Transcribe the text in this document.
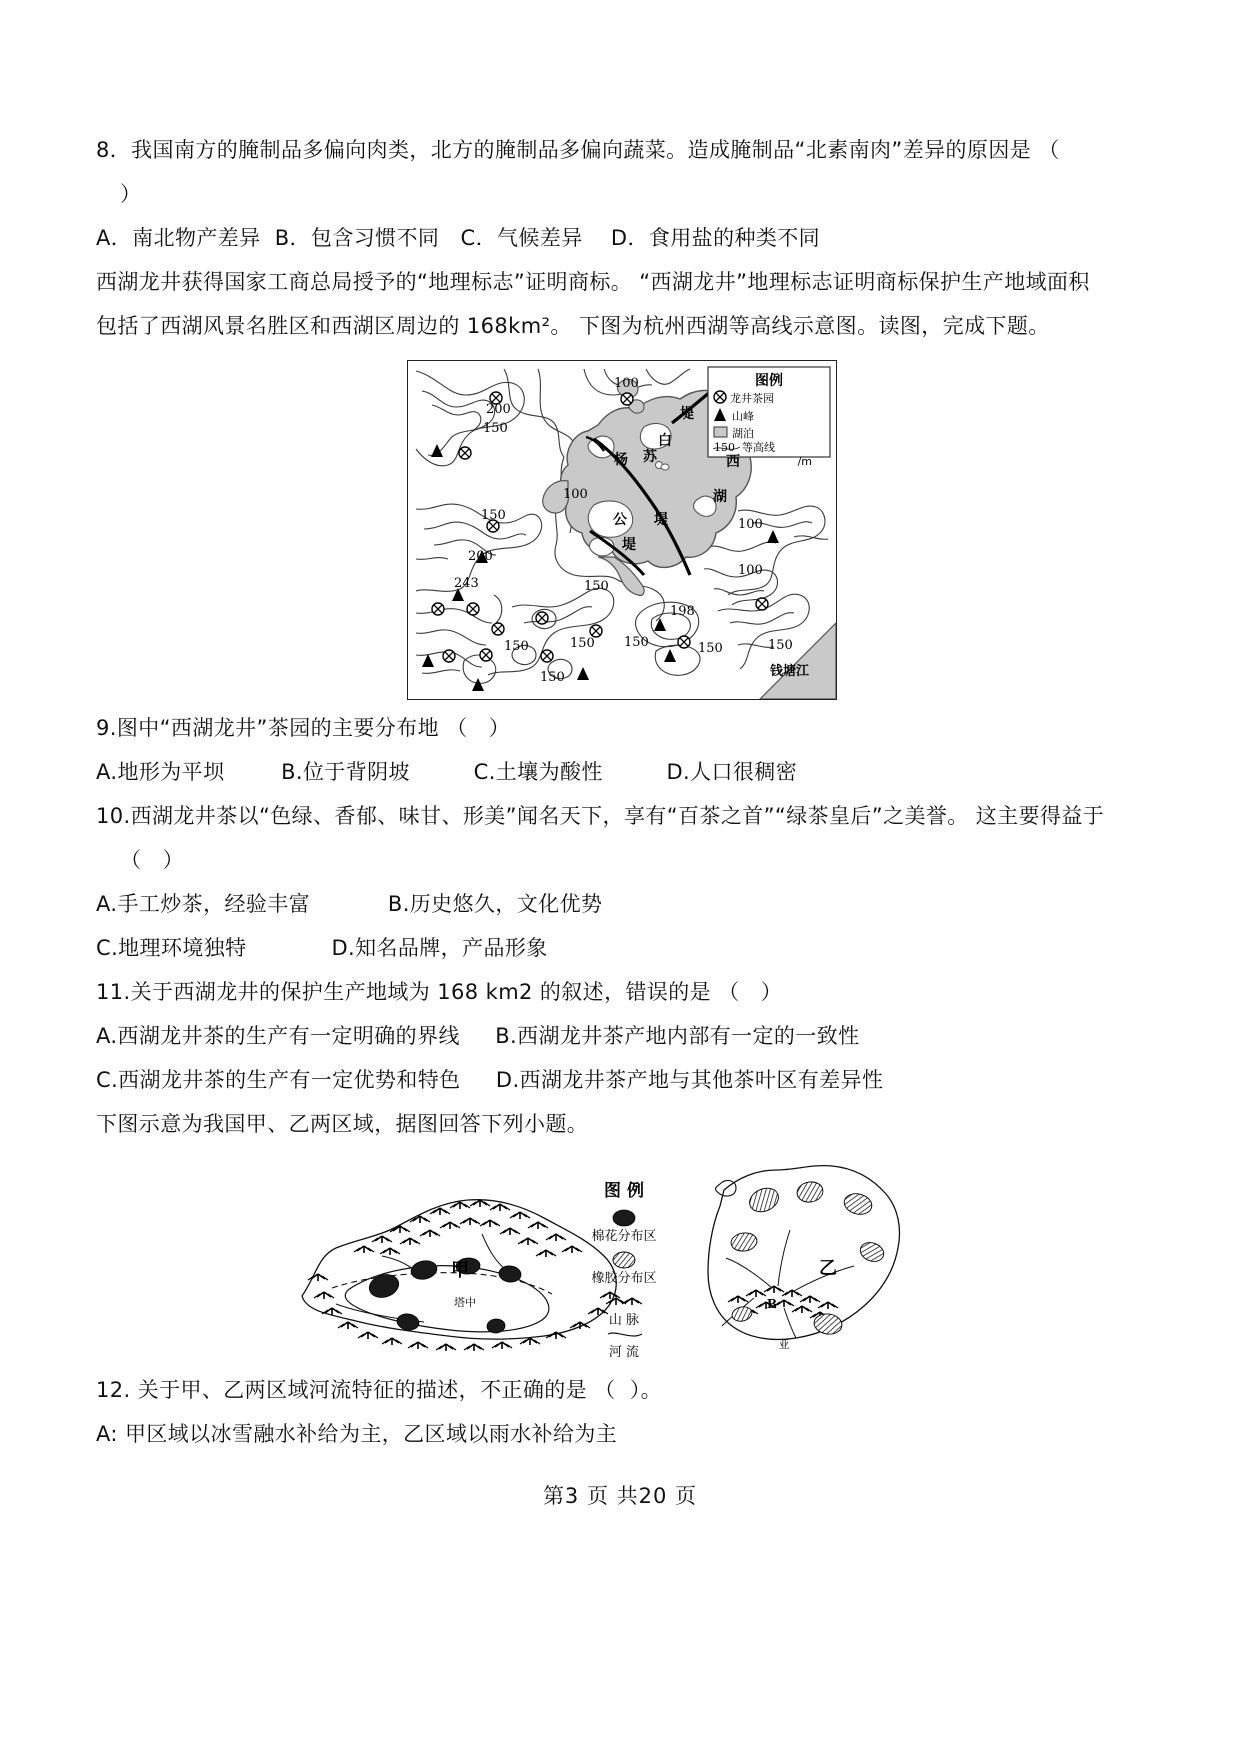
8．我国南方的腌制品多偏向肉类，北方的腌制品多偏向蔬菜。造成腌制品“北素南肉”差异的原因是 （
）
A．南北物产差异  B．包含习惯不同   C．气候差异    D．食用盐的种类不同
西湖龙井获得国家工商总局授予的“地理标志”证明商标。 “西湖龙井”地理标志证明商标保护生产地域面积
包括了西湖风景名胜区和西湖区周边的 168km²。 下图为杭州西湖等高线示意图。读图，完成下题。
图例
龙井茶园
山峰
湖泊
150 等高线
/m
100
200
150
100
150
200
243	150
100
100
198
150	150 150	150	150
150
西
湖
白
堤
杨 苏
公 堤
堤
钱塘江
9.图中“西湖龙井”茶园的主要分布地 （   ）
A.地形为平坝        B.位于背阴坡         C.土壤为酸性         D.人口很稠密
10.西湖龙井茶以“色绿、香郁、味甘、形美”闻名天下，享有“百茶之首”“绿茶皇后”之美誉。 这主要得益于
（   ）
A.手工炒茶，经验丰富           B.历史悠久，文化优势
C.地理环境独特            D.知名品牌，产品形象
11.关于西湖龙井的保护生产地域为 168 km2 的叙述，错误的是 （   ）
A.西湖龙井茶的生产有一定明确的界线     B.西湖龙井茶产地内部有一定的一致性
C.西湖龙井茶的生产有一定优势和特色     D.西湖龙井茶产地与其他茶叶区有差异性
下图示意为我国甲、乙两区域，据图回答下列小题。
甲
塔中
图 例
棉花分布区
橡胶分布区
山 脉
河 流
乙
B
亚
12. 关于甲、乙两区域河流特征的描述，不正确的是 （  ）。
A: 甲区域以冰雪融水补给为主，乙区域以雨水补给为主
第3 页 共20 页
